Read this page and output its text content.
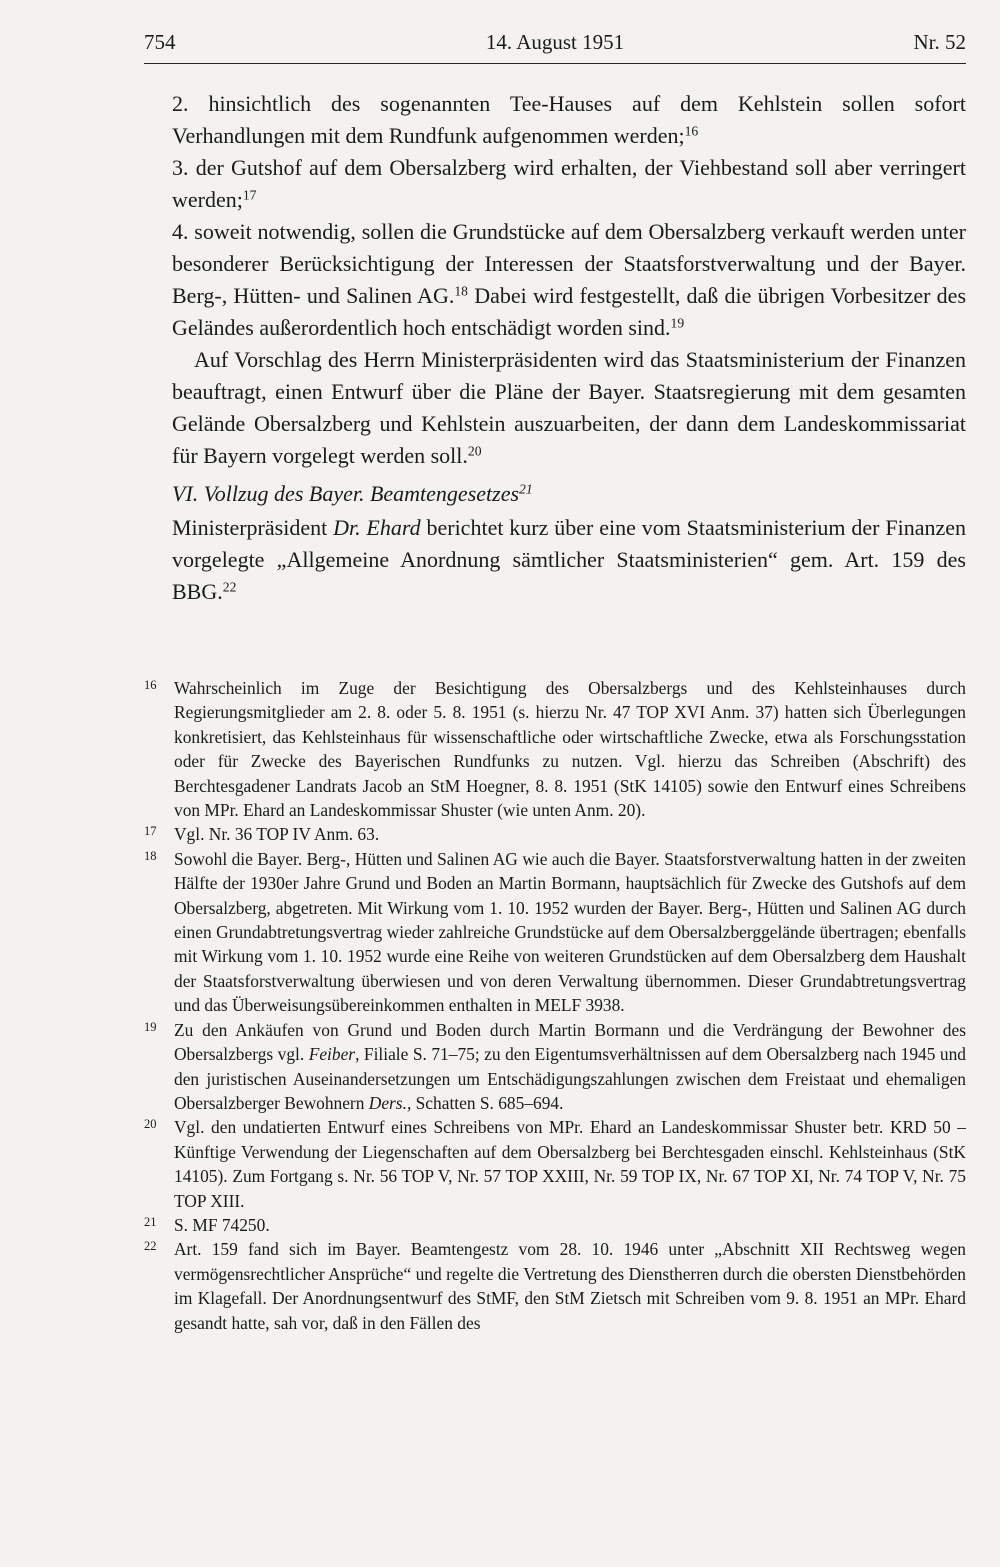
754	14. August 1951	Nr. 52

2. hinsichtlich des sogenannten Tee-Hauses auf dem Kehlstein sollen sofort Verhandlungen mit dem Rundfunk aufgenommen werden;$^{16}$

3. der Gutshof auf dem Obersalzberg wird erhalten, der Viehbestand soll aber verringert werden;$^{17}$

4. soweit notwendig, sollen die Grundstücke auf dem Obersalzberg verkauft werden unter besonderer Berücksichtigung der Interessen der Staatsforstverwaltung und der Bayer. Berg-, Hütten- und Salinen AG.$^{18}$ Dabei wird festgestellt, daß die übrigen Vorbesitzer des Geländes außerordentlich hoch entschädigt worden sind.$^{19}$

 Auf Vorschlag des Herrn Ministerpräsidenten wird das Staatsministerium der Finanzen beauftragt, einen Entwurf über die Pläne der Bayer. Staatsregierung mit dem gesamten Gelände Obersalzberg und Kehlstein auszuarbeiten, der dann dem Landeskommissariat für Bayern vorgelegt werden soll.$^{20}$

VI. Vollzug des Bayer. Beamtengesetzes$^{21}$

Ministerpräsident Dr. Ehard berichtet kurz über eine vom Staatsministerium der Finanzen vorgelegte „Allgemeine Anordnung sämtlicher Staatsministerien“ gem. Art. 159 des BBG.$^{22}$

16 Wahrscheinlich im Zuge der Besichtigung des Obersalzbergs und des Kehlsteinhauses durch Regierungsmitglieder am 2. 8. oder 5. 8. 1951 (s. hierzu Nr. 47 TOP XVI Anm. 37) hatten sich Überlegungen konkretisiert, das Kehlsteinhaus für wissenschaftliche oder wirtschaftliche Zwecke, etwa als Forschungsstation oder für Zwecke des Bayerischen Rundfunks zu nutzen. Vgl. hierzu das Schreiben (Abschrift) des Berchtesgadener Landrats Jacob an StM Hoegner, 8. 8. 1951 (StK 14105) sowie den Entwurf eines Schreibens von MPr. Ehard an Landeskommissar Shuster (wie unten Anm. 20).
17 Vgl. Nr. 36 TOP IV Anm. 63.
18 Sowohl die Bayer. Berg-, Hütten und Salinen AG wie auch die Bayer. Staatsforstverwaltung hatten in der zweiten Hälfte der 1930er Jahre Grund und Boden an Martin Bormann, hauptsächlich für Zwecke des Gutshofs auf dem Obersalzberg, abgetreten. Mit Wirkung vom 1. 10. 1952 wurden der Bayer. Berg-, Hütten und Salinen AG durch einen Grundabtretungsvertrag wieder zahlreiche Grundstücke auf dem Obersalzberggelände übertragen; ebenfalls mit Wirkung vom 1. 10. 1952 wurde eine Reihe von weiteren Grundstücken auf dem Obersalzberg dem Haushalt der Staatsforstverwaltung überwiesen und von deren Verwaltung übernommen. Dieser Grundabtretungsvertrag und das Überweisungsübereinkommen enthalten in MELF 3938.
19 Zu den Ankäufen von Grund und Boden durch Martin Bormann und die Verdrängung der Bewohner des Obersalzbergs vgl. Feiber, Filiale S. 71–75; zu den Eigentumsverhältnissen auf dem Obersalzberg nach 1945 und den juristischen Auseinandersetzungen um Entschädigungszahlungen zwischen dem Freistaat und ehemaligen Obersalzberger Bewohnern Ders., Schatten S. 685–694.
20 Vgl. den undatierten Entwurf eines Schreibens von MPr. Ehard an Landeskommissar Shuster betr. KRD 50 – Künftige Verwendung der Liegenschaften auf dem Obersalzberg bei Berchtesgaden einschl. Kehlsteinhaus (StK 14105). Zum Fortgang s. Nr. 56 TOP V, Nr. 57 TOP XXIII, Nr. 59 TOP IX, Nr. 67 TOP XI, Nr. 74 TOP V, Nr. 75 TOP XIII.
21 S. MF 74250.
22 Art. 159 fand sich im Bayer. Beamtengestz vom 28. 10. 1946 unter „Abschnitt XII Rechtsweg wegen vermögensrechtlicher Ansprüche“ und regelte die Vertretung des Dienstherren durch die obersten Dienstbehörden im Klagefall. Der Anordnungsentwurf des StMF, den StM Zietsch mit Schreiben vom 9. 8. 1951 an MPr. Ehard gesandt hatte, sah vor, daß in den Fällen des
